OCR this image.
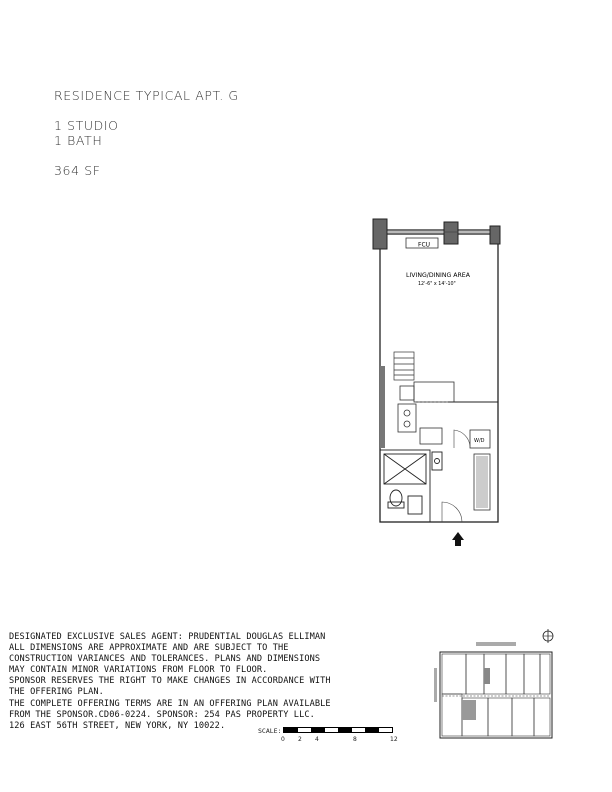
RESIDENCE TYPICAL APT. G
1 STUDIO
1 BATH
364 SF
FCU
LIVING/DINING AREA
12'-6" x 14'-10"
W/D
DESIGNATED EXCLUSIVE SALES AGENT: PRUDENTIAL DOUGLAS ELLIMAN
ALL DIMENSIONS ARE APPROXIMATE AND ARE SUBJECT TO THE
CONSTRUCTION VARIANCES AND TOLERANCES. PLANS AND DIMENSIONS
MAY CONTAIN MINOR VARIATIONS FROM FLOOR TO FLOOR.
SPONSOR RESERVES THE RIGHT TO MAKE CHANGES IN ACCORDANCE WITH
THE OFFERING PLAN.
THE COMPLETE OFFERING TERMS ARE IN AN OFFERING PLAN AVAILABLE
FROM THE SPONSOR.CD06-0224. SPONSOR: 254 PAS PROPERTY LLC.
126 EAST 56TH STREET, NEW YORK, NY 10022.
SCALE:
0 2 4	8	12
